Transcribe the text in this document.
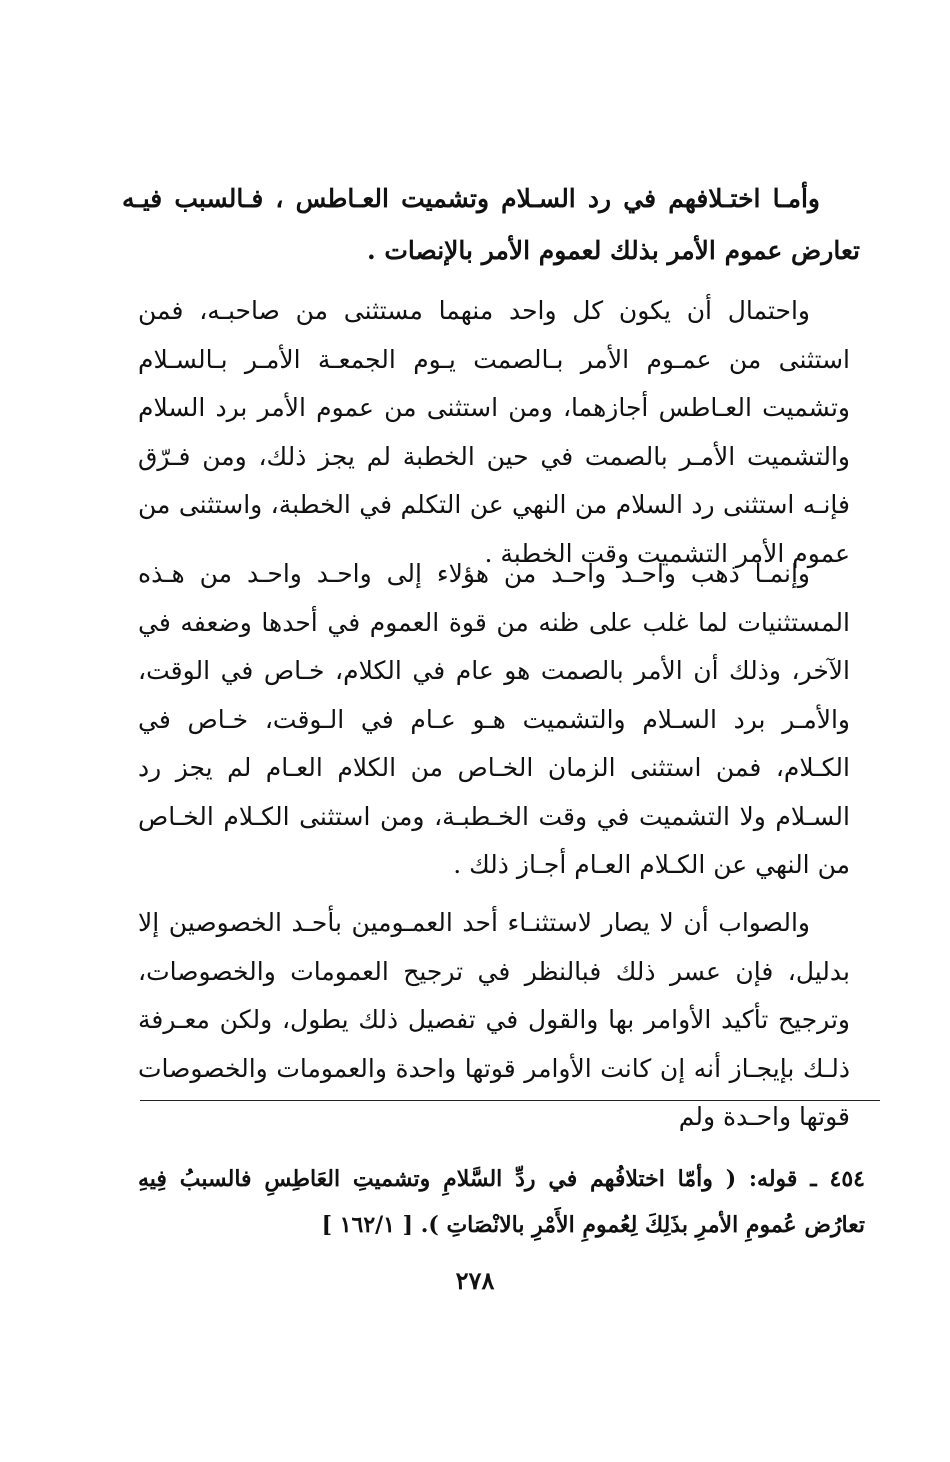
وأمـا اختـلافهم في رد السـلام وتشميت العـاطس ، فـالسبب فيـه تعارض عموم الأمر بذلك لعموم الأمر بالإنصات .

واحتمال أن يكون كل واحد منهما مستثنى من صاحبـه، فمن استثنى من عمـوم الأمر بـالصمت يـوم الجمعـة الأمـر بـالسـلام وتشميت العـاطس أجازهما، ومن استثنى من عموم الأمر برد السلام والتشميت الأمـر بالصمت في حين الخطبة لم يجز ذلك، ومن فـرّق فإنـه استثنى رد السلام من النهي عن التكلم في الخطبة، واستثنى من عموم الأمر التشميت وقت الخطبة .

وإنمـا ذهب واحـد واحـد من هؤلاء إلى واحـد واحـد من هـذه المستثنيات لما غلب على ظنه من قوة العموم في أحدها وضعفه في الآخر، وذلك أن الأمر بالصمت هو عام في الكلام، خـاص في الوقت، والأمـر برد السـلام والتشميت هـو عـام في الـوقت، خـاص في الكـلام، فمن استثنى الزمان الخـاص من الكلام العـام لم يجز رد السـلام ولا التشميت في وقت الخـطبـة، ومن استثنى الكـلام الخـاص من النهي عن الكـلام العـام أجـاز ذلك .

والصواب أن لا يصار لاستثنـاء أحد العمـومين بأحـد الخصوصين إلا بدليل، فإن عسر ذلك فبالنظر في ترجيح العمومات والخصوصات، وترجيح تأكيد الأوامر بها والقول في تفصيل ذلك يطول، ولكن معـرفة ذلـك بإيجـاز أنه إن كانت الأوامر قوتها واحدة والعمومات والخصوصات قوتها واحـدة ولم

٤٥٤ ـ قوله: ( وأمّا اختلافُهم في ردِّ السَّلامِ وتشميتِ العَاطِسِ فالسببُ فِيهِ تعارُض عُمومِ الأمرِ بذَلِكَ لِعُمومِ الأَمْرِ بالانْصَاتِ ). [ ١٦٢/١ ]

٢٧٨
